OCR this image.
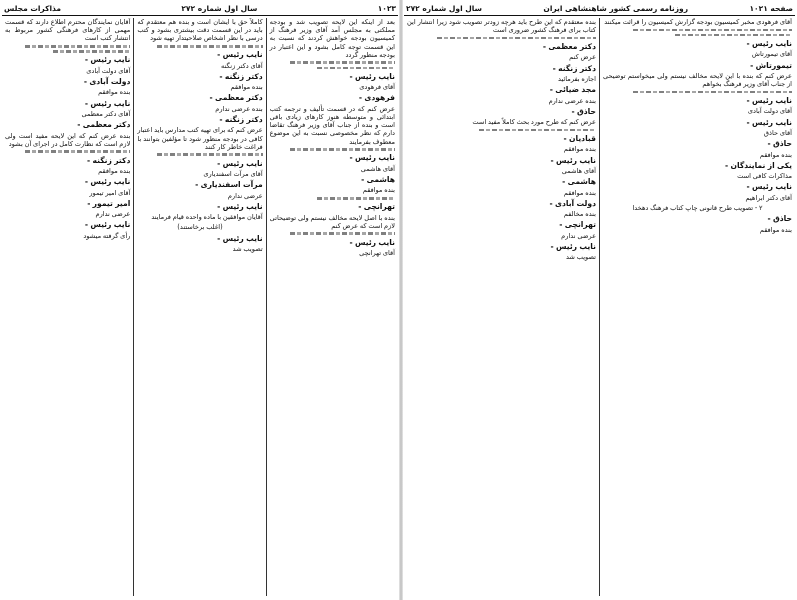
۱۰۲۳
سال اول شماره ۲۷۲
مذاکرات مجلس

بعد از اینکه این لایحه تصویب شد و بودجه مملکتی به مجلس آمد آقای وزیر فرهنگ از کمیسیون بودجه خواهش کردند که نسبت به این قسمت توجه کامل بشود و این اعتبار در بودجه منظور گردد

نایب رئیس -

آقای فرهودی

فرهودی -

عرض کنم که در قسمت تألیف و ترجمه کتب ابتدائی و متوسطه هنوز کارهای زیادی باقی است و بنده از جناب آقای وزیر فرهنگ تقاضا دارم که نظر مخصوصی نسبت به این موضوع معطوف بفرمایند

نایب رئیس -

آقای هاشمی

هاشمی -

بنده موافقم

تهرانچی -

بنده با اصل لایحه مخالف نیستم ولی توضیحاتی لازم است که عرض کنم

نایب رئیس -

آقای تهرانچی

کاملاً حق با ایشان است و بنده هم معتقدم که باید در این قسمت دقت بیشتری بشود و کتب درسی با نظر اشخاص صلاحیتدار تهیه شود

نایب رئیس -

آقای دکتر زنگنه

دکتر زنگنه -

بنده موافقم

دکتر معظمی -

بنده عرضی ندارم

دکتر زنگنه -

عرض کنم که برای تهیه کتب مدارس باید اعتبار کافی در بودجه منظور شود تا مؤلفین بتوانند با فراغت خاطر کار کنند

نایب رئیس -

آقای مرآت اسفندیاری

مرآت اسفندیاری -

عرضی ندارم

نایب رئیس -

آقایان موافقین با ماده واحده قیام فرمایند

(اغلب برخاستند)

نایب رئیس -

تصویب شد

آقایان نمایندگان محترم اطلاع دارند که قسمت مهمی از کارهای فرهنگی کشور مربوط به انتشار کتب است

نایب رئیس -

آقای دولت آبادی

دولت آبادی -

بنده موافقم

نایب رئیس -

آقای دکتر معظمی

دکتر معظمی -

بنده عرض کنم که این لایحه مفید است ولی لازم است که نظارت کامل در اجرای آن بشود

دکتر زنگنه -

بنده موافقم

نایب رئیس -

آقای امیر تیمور

امیر تیمور -

عرضی ندارم

نایب رئیس -

رأی گرفته میشود

صفحه ۱۰۲۱
روزنامه رسمی کشور شاهنشاهی ایران
سال اول شماره ۲۷۲

آقای فرهودی مخبر کمیسیون بودجه گزارش کمیسیون را قرائت میکنند

نایب رئیس -

آقای تیمورتاش

تیمورتاش -

عرض کنم که بنده با این لایحه مخالف نیستم ولی میخواستم توضیحی از جناب آقای وزیر فرهنگ بخواهم

نایب رئیس -

آقای دولت آبادی

نایب رئیس -

آقای حاذق

حاذق -

بنده موافقم

یکی از نمایندگان -

مذاکرات کافی است

نایب رئیس -

آقای دکتر ابراهیم

۲ - تصویب طرح قانونی چاپ کتاب فرهنگ دهخدا

حاذق -

بنده موافقم

بنده معتقدم که این طرح باید هرچه زودتر تصویب شود زیرا انتشار این کتاب برای فرهنگ کشور ضروری است

دکتر معظمی -

عرض کنم

دکتر زنگنه -

اجازه بفرمائید

مجد ضیائی -

بنده عرضی ندارم

حاذق -

عرض کنم که طرح مورد بحث کاملاً مفید است

قبادیان -

بنده موافقم

نایب رئیس -

آقای هاشمی

هاشمی -

بنده موافقم

دولت آبادی -

بنده مخالفم

تهرانچی -

عرضی ندارم

نایب رئیس -

تصویب شد
